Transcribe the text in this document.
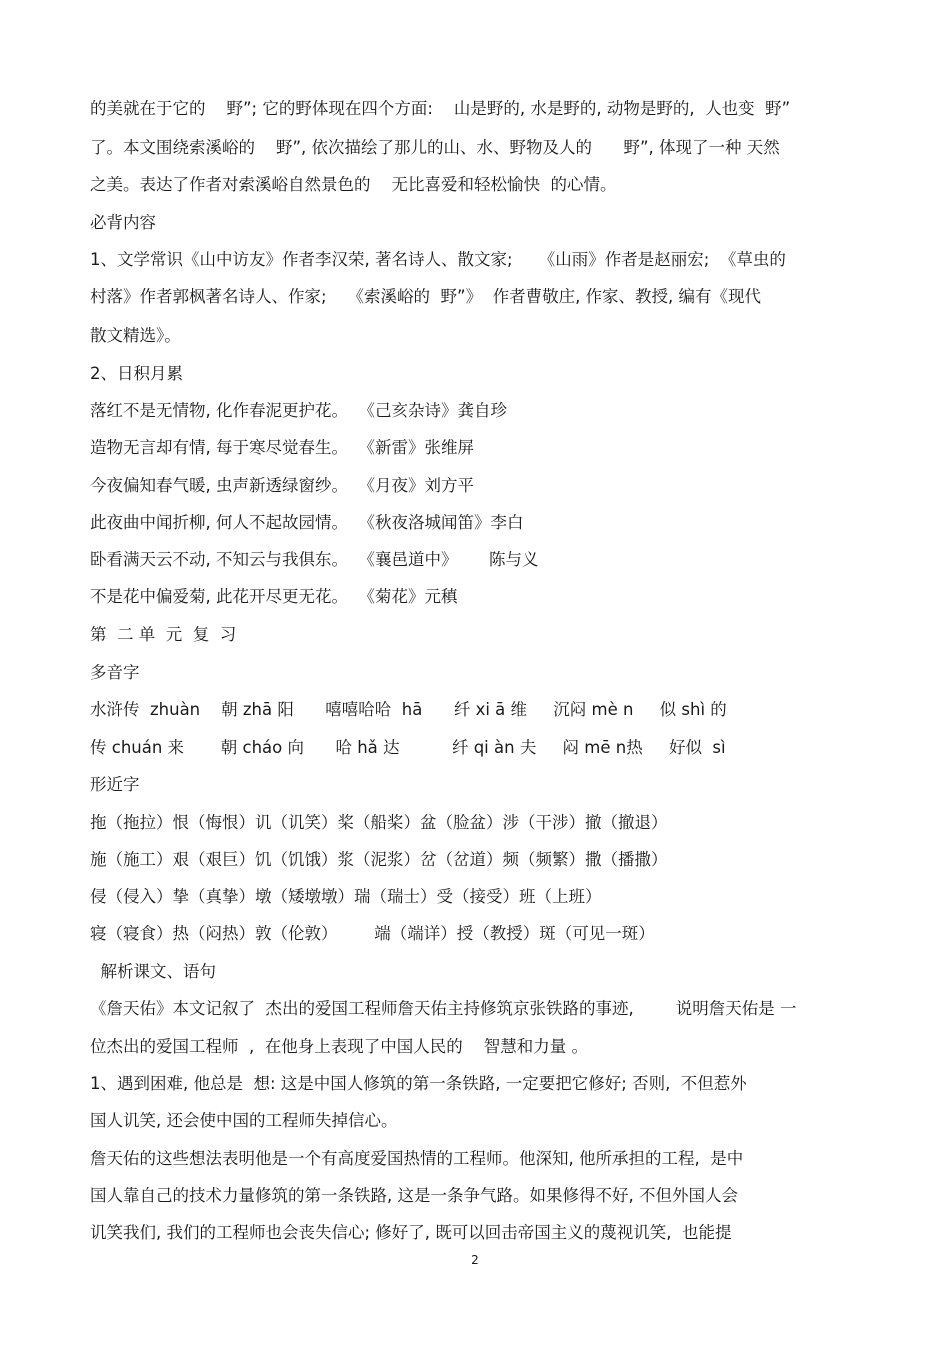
的美就在于它的    野”; 它的野体现在四个方面:    山是野的, 水是野的, 动物是野的,  人也变  野”
了。本文围绕索溪峪的    野”, 依次描绘了那儿的山、水、野物及人的      野”, 体现了一种 天然
之美。表达了作者对索溪峪自然景色的    无比喜爱和轻松愉快  的心情。
必背内容
1、文学常识《山中访友》作者李汉荣, 著名诗人、散文家;     《山雨》作者是赵丽宏;  《草虫的
村落》作者郭枫著名诗人、作家;    《索溪峪的  野”》  作者曹敬庄, 作家、教授, 编有《现代
散文精选》。
2、日积月累
落红不是无情物, 化作春泥更护花。  《己亥杂诗》龚自珍
造物无言却有情, 每于寒尽觉春生。  《新雷》张维屏
今夜偏知春气暖, 虫声新透绿窗纱。  《月夜》刘方平
此夜曲中闻折柳, 何人不起故园情。  《秋夜洛城闻笛》李白
卧看满天云不动, 不知云与我俱东。  《襄邑道中》      陈与义
不是花中偏爱菊, 此花开尽更无花。  《菊花》元稹
第  二 单  元  复  习
多音字
水浒传  zhuàn    朝 zhā 阳      嘻嘻哈哈  hā      纤 xi ā 维     沉闷 mè n     似 shì 的
传 chuán 来       朝 cháo 向      哈 hǎ 达          纤 qi àn 夫     闷 mē n热     好似  sì
形近字
拖（拖拉）恨（悔恨）讥（讥笑）桨（船桨）盆（脸盆）涉（干涉）撤（撤退）
施（施工）艰（艰巨）饥（饥饿）浆（泥浆）岔（岔道）频（频繁）撒（播撒）
侵（侵入）挚（真挚）墩（矮墩墩）瑞（瑞士）受（接受）班（上班）
寝（寝食）热（闷热）敦（伦敦）       端（端详）授（教授）斑（可见一斑）
解析课文、语句
《詹天佑》本文记叙了  杰出的爱国工程师詹天佑主持修筑京张铁路的事迹,        说明詹天佑是 一
位杰出的爱国工程师  ,  在他身上表现了中国人民的    智慧和力量 。
1、遇到困难, 他总是  想: 这是中国人修筑的第一条铁路, 一定要把它修好; 否则,  不但惹外
国人讥笑, 还会使中国的工程师失掉信心。
詹天佑的这些想法表明他是一个有高度爱国热情的工程师。他深知, 他所承担的工程,  是中
国人靠自己的技术力量修筑的第一条铁路, 这是一条争气路。如果修得不好, 不但外国人会
讥笑我们, 我们的工程师也会丧失信心; 修好了, 既可以回击帝国主义的蔑视讥笑,  也能提
2
